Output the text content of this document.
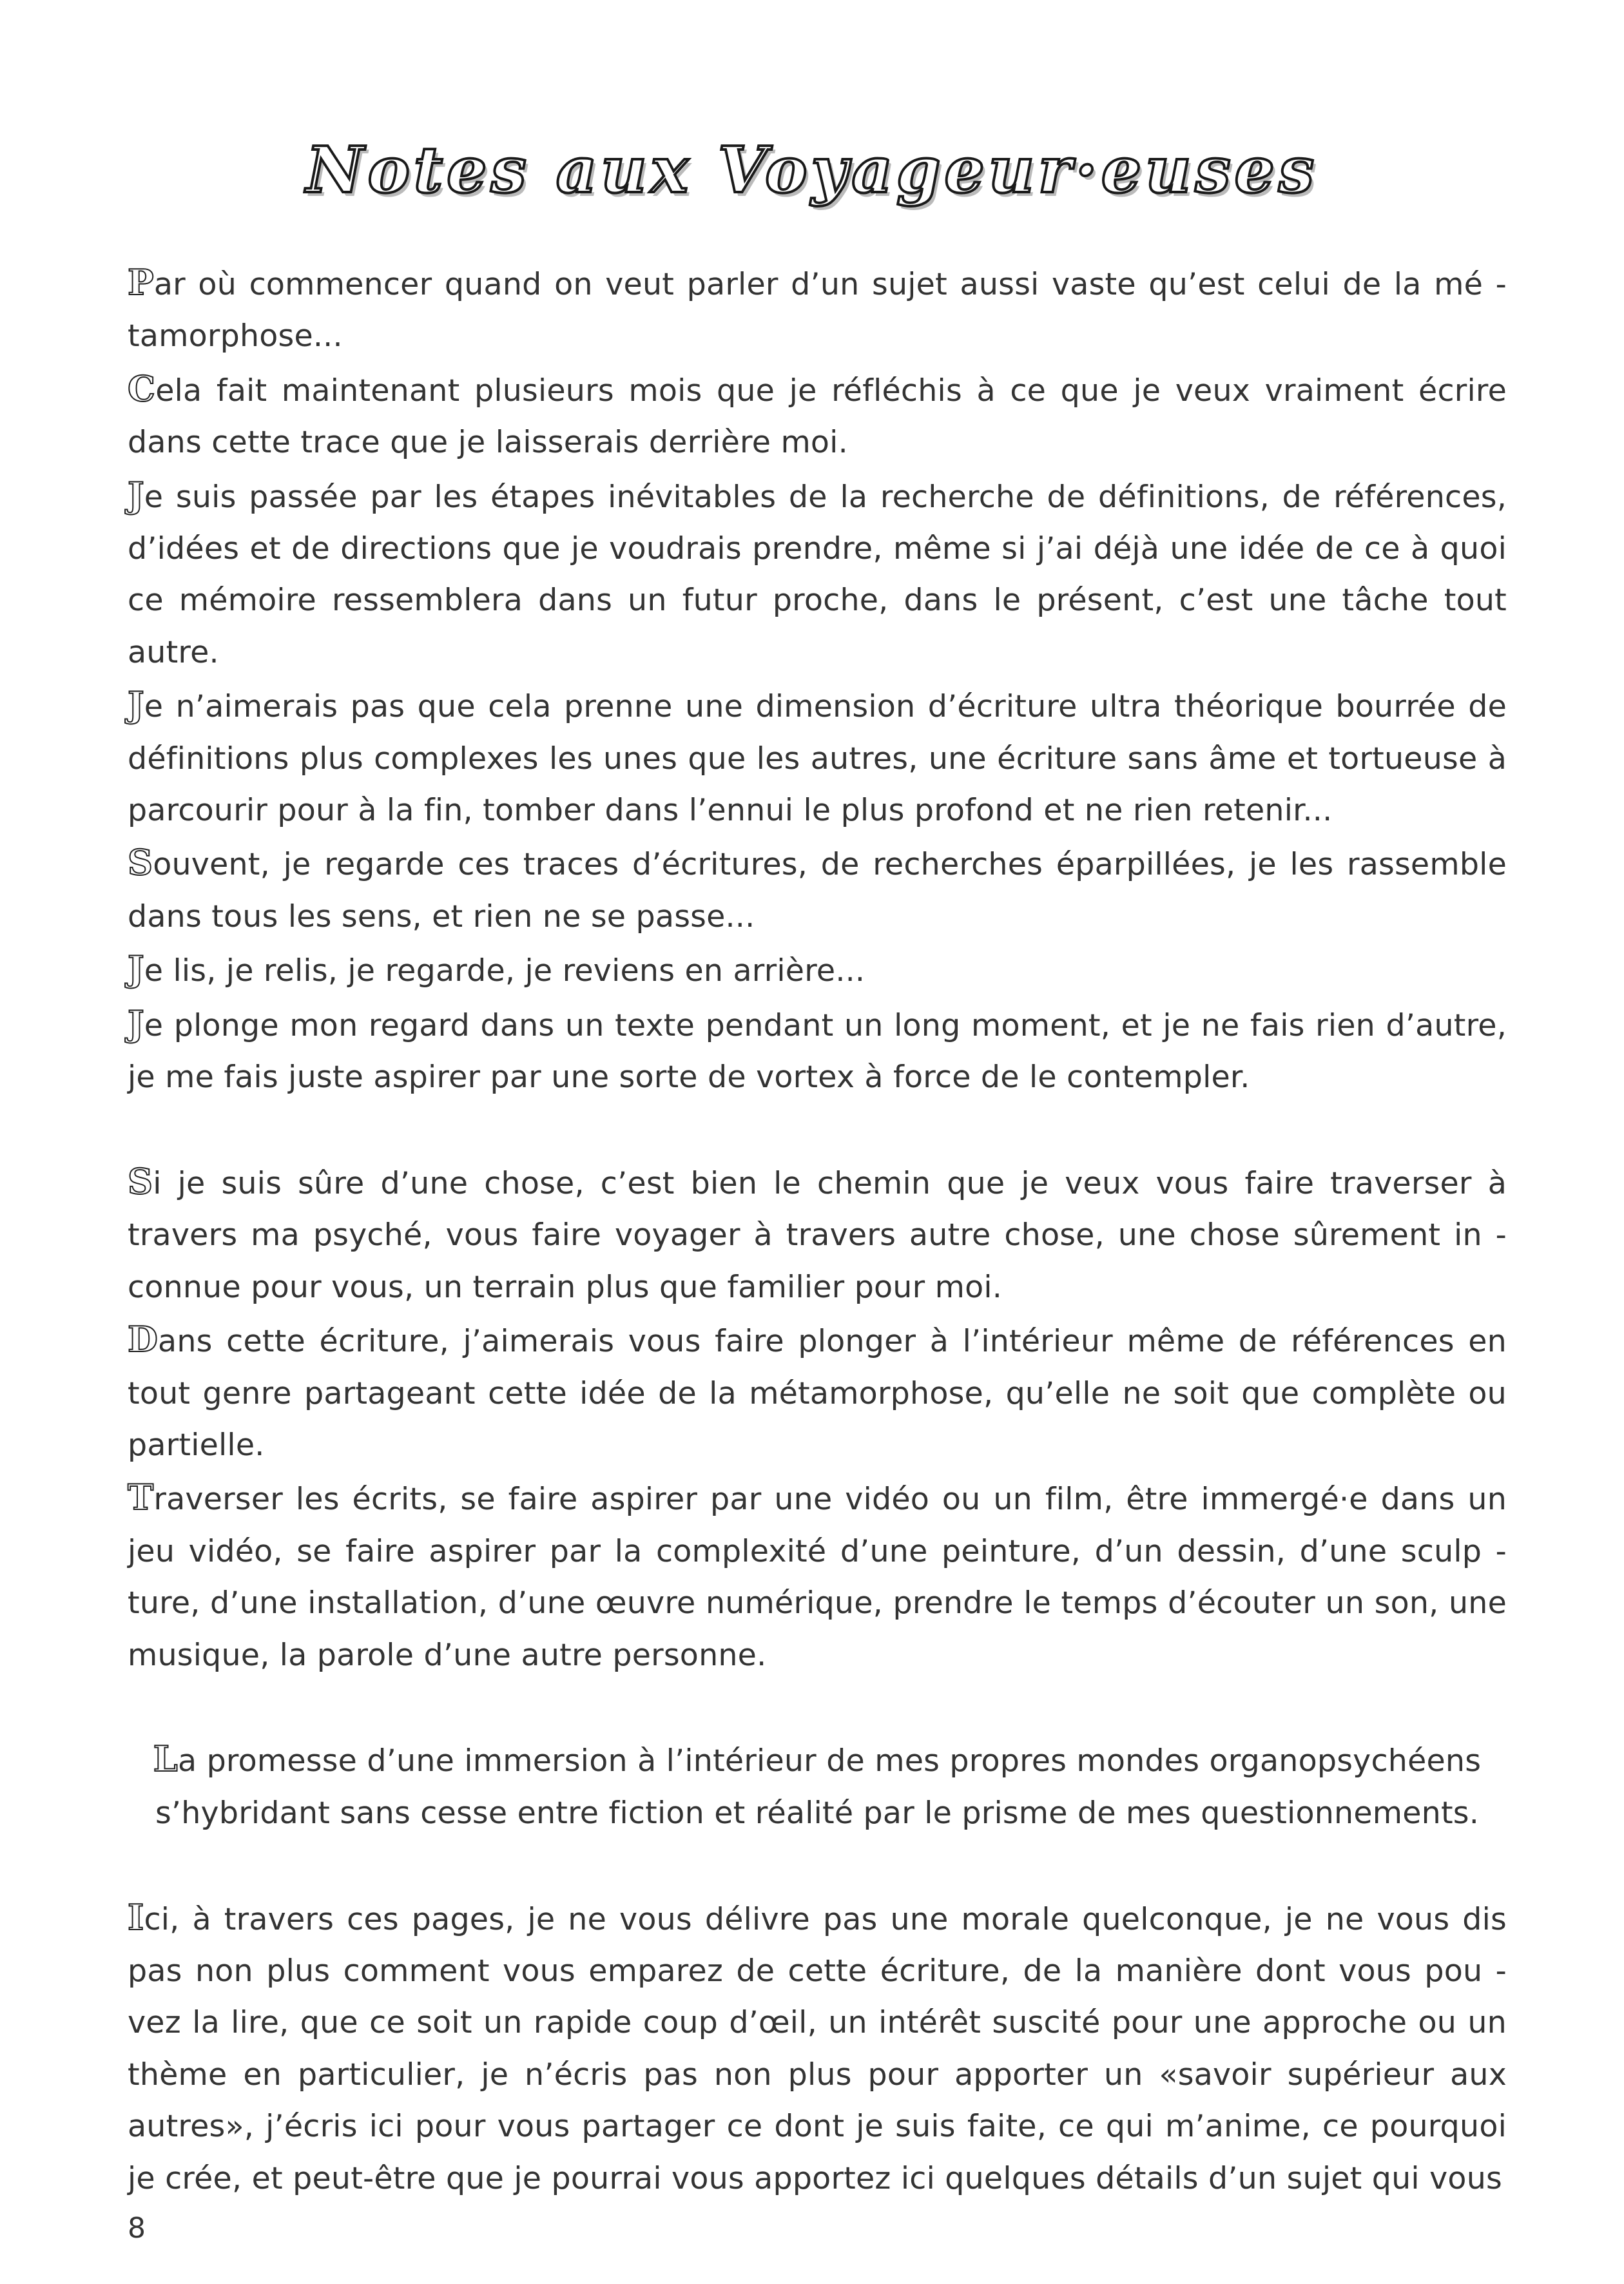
Notes aux Voyageur·euses

Par où commencer quand on veut parler d’un sujet aussi vaste qu’est celui de la mé - tamorphose...

Cela fait maintenant plusieurs mois que je réfléchis à ce que je veux vraiment écrire dans cette trace que je laisserais derrière moi.

Je suis passée par les étapes inévitables de la recherche de définitions, de références, d’idées et de directions que je voudrais prendre, même si j’ai déjà une idée de ce à quoi ce mémoire ressemblera dans un futur proche, dans le présent, c’est une tâche tout autre.

Je n’aimerais pas que cela prenne une dimension d’écriture ultra théorique bourrée de définitions plus complexes les unes que les autres, une écriture sans âme et tortueuse à parcourir pour à la fin, tomber dans l’ennui le plus profond et ne rien retenir...

Souvent, je regarde ces traces d’écritures, de recherches éparpillées, je les rassemble dans tous les sens, et rien ne se passe...

Je lis, je relis, je regarde, je reviens en arrière...

Je plonge mon regard dans un texte pendant un long moment, et je ne fais rien d’autre, je me fais juste aspirer par une sorte de vortex à force de le contempler.

Si je suis sûre d’une chose, c’est bien le chemin que je veux vous faire traverser à travers ma psyché, vous faire voyager à travers autre chose, une chose sûrement in - connue pour vous, un terrain plus que familier pour moi.

Dans cette écriture, j’aimerais vous faire plonger à l’intérieur même de références en tout genre partageant cette idée de la métamorphose, qu’elle ne soit que complète ou partielle.

Traverser les écrits, se faire aspirer par une vidéo ou un film, être immergé·e dans un jeu vidéo, se faire aspirer par la complexité d’une peinture, d’un dessin, d’une sculp - ture, d’une installation, d’une œuvre numérique, prendre le temps d’écouter un son, une musique, la parole d’une autre personne.

La promesse d’une immersion à l’intérieur de mes propres mondes organopsychéens s’hybridant sans cesse entre fiction et réalité par le prisme de mes questionnements.

Ici, à travers ces pages, je ne vous délivre pas une morale quelconque, je ne vous dis pas non plus comment vous emparez de cette écriture, de la manière dont vous pou - vez la lire, que ce soit un rapide coup d’œil, un intérêt suscité pour une approche ou un thème en particulier, je n’écris pas non plus pour apporter un «savoir supérieur aux autres», j’écris ici pour vous partager ce dont je suis faite, ce qui m’anime, ce pourquoi je crée, et peut-être que je pourrai vous apportez ici quelques détails d’un sujet qui vous

8
